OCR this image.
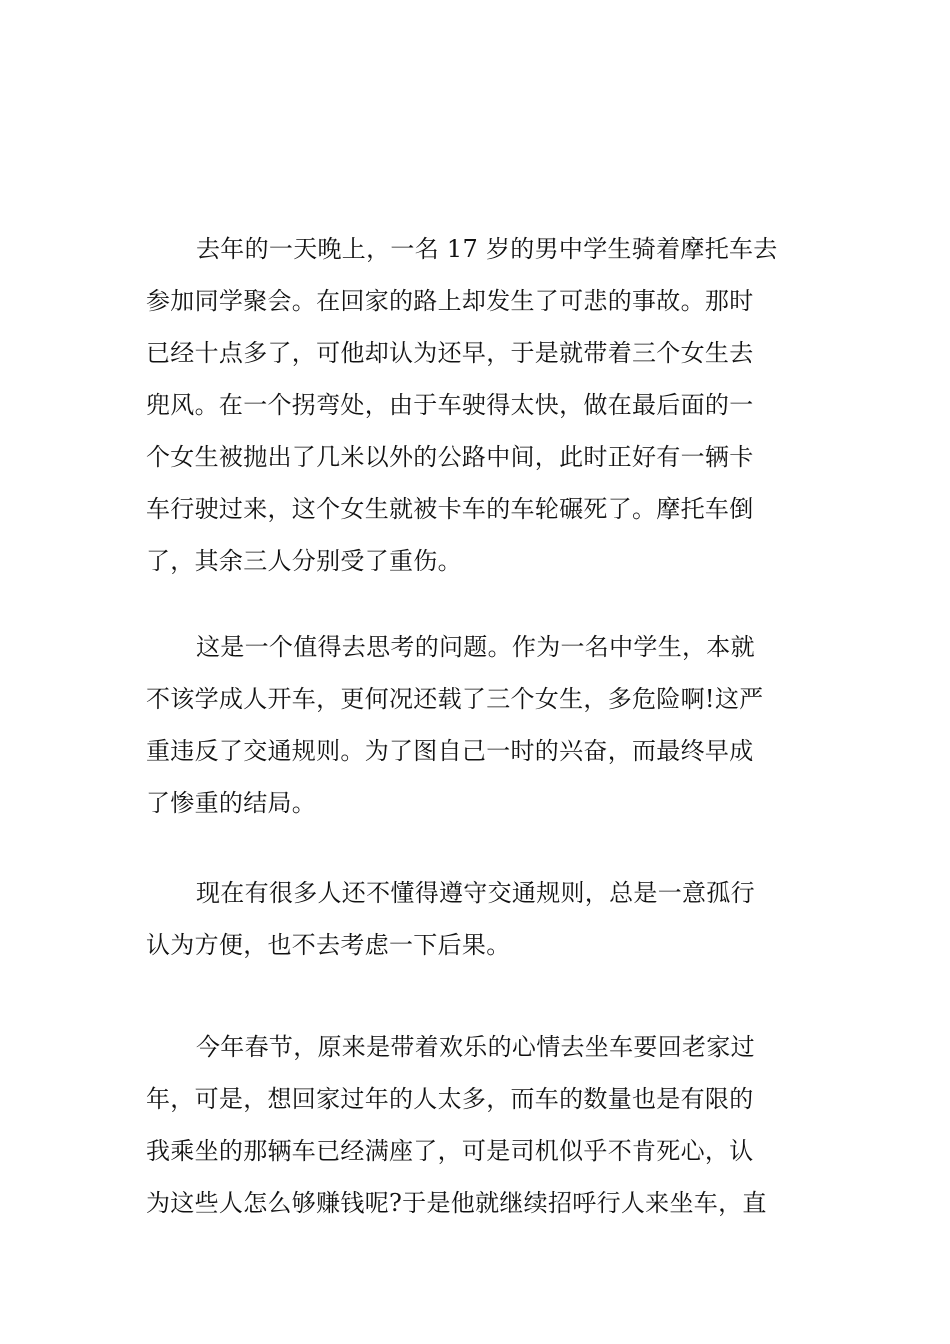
去年的一天晚上，一名 17 岁的男中学生骑着摩托车去
参加同学聚会。在回家的路上却发生了可悲的事故。那时
已经十点多了，可他却认为还早，于是就带着三个女生去
兜风。在一个拐弯处，由于车驶得太快，做在最后面的一
个女生被抛出了几米以外的公路中间，此时正好有一辆卡
车行驶过来，这个女生就被卡车的车轮碾死了。摩托车倒
了，其余三人分别受了重伤。
这是一个值得去思考的问题。作为一名中学生，本就
不该学成人开车，更何况还载了三个女生，多危险啊!这严
重违反了交通规则。为了图自己一时的兴奋，而最终早成
了惨重的结局。
现在有很多人还不懂得遵守交通规则，总是一意孤行
认为方便，也不去考虑一下后果。
今年春节，原来是带着欢乐的心情去坐车要回老家过
年，可是，想回家过年的人太多，而车的数量也是有限的
我乘坐的那辆车已经满座了，可是司机似乎不肯死心，认
为这些人怎么够赚钱呢?于是他就继续招呼行人来坐车，直
